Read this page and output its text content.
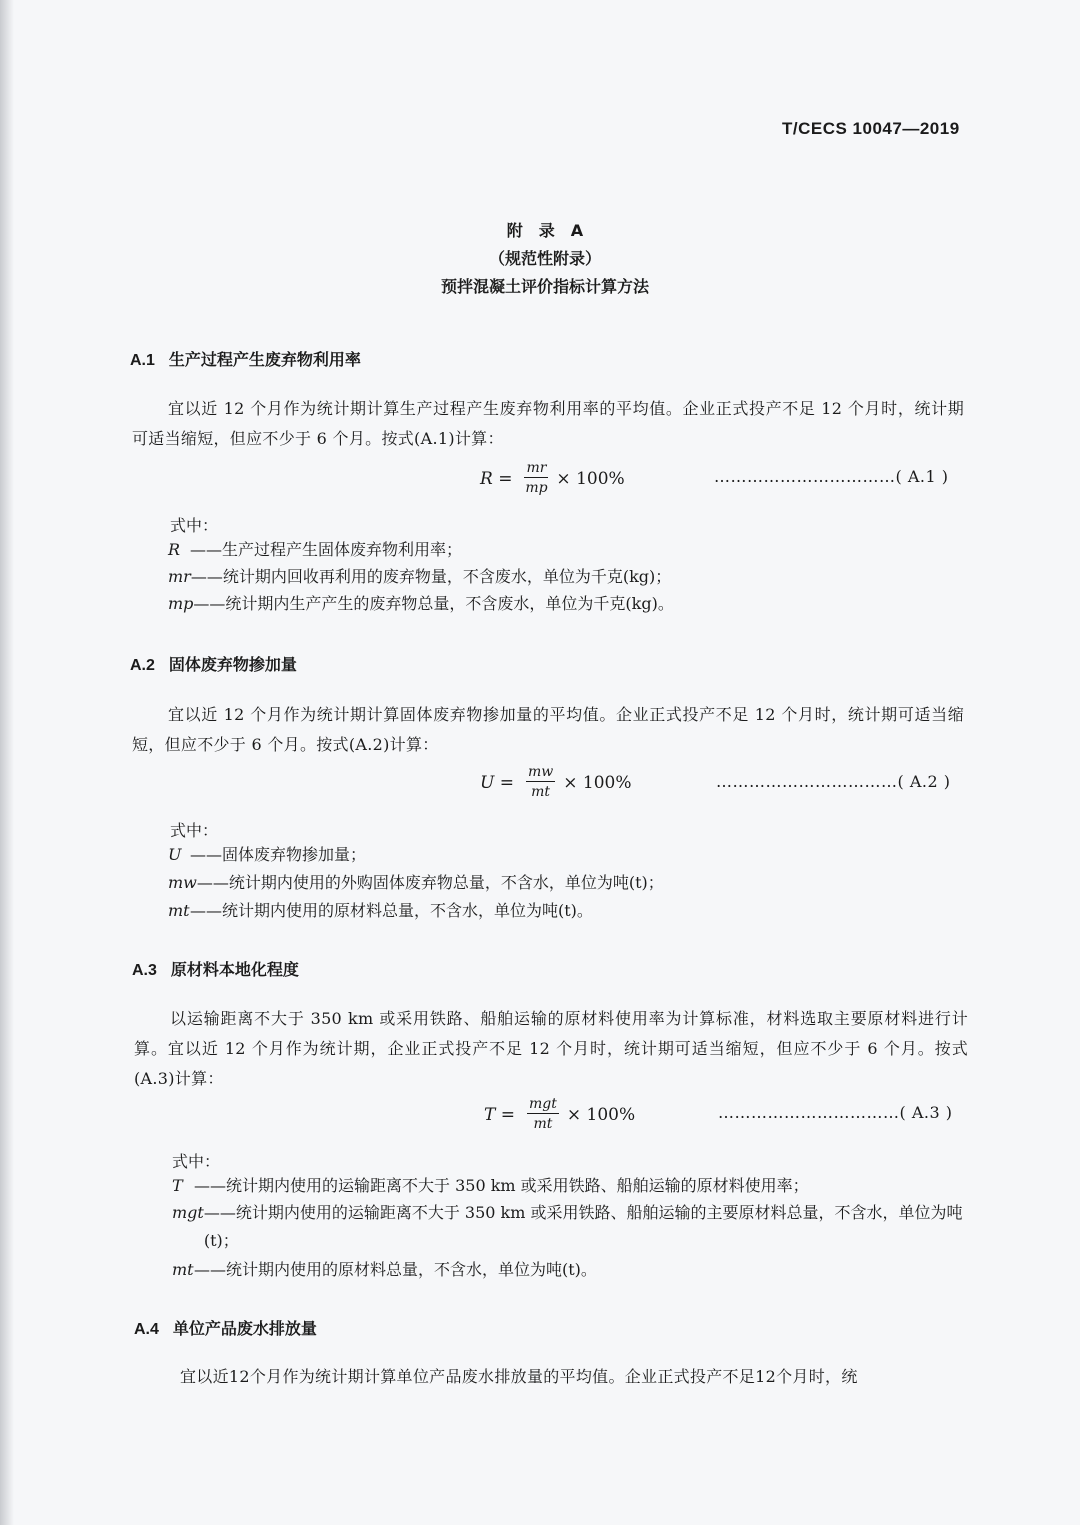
T/CECS 10047—2019
附　录　A
（规范性附录）
预拌混凝土评价指标计算方法
A.1 生产过程产生废弃物利用率
宜以近 12 个月作为统计期计算生产过程产生废弃物利用率的平均值。企业正式投产不足 12 个月时，统计期可适当缩短，但应不少于 6 个月。按式(A.1)计算：
$R = \frac{mr}{mp} \times 100\%$	……………………………( A.1 )
式中：
R ——生产过程产生固体废弃物利用率；
mr——统计期内回收再利用的废弃物量，不含废水，单位为千克(kg)；
mp——统计期内生产产生的废弃物总量，不含废水，单位为千克(kg)。
A.2 固体废弃物掺加量
宜以近 12 个月作为统计期计算固体废弃物掺加量的平均值。企业正式投产不足 12 个月时，统计期可适当缩短，但应不少于 6 个月。按式(A.2)计算：
$U = \frac{mw}{mt} \times 100\%$	……………………………( A.2 )
式中：
U ——固体废弃物掺加量；
mw——统计期内使用的外购固体废弃物总量，不含水，单位为吨(t)；
mt——统计期内使用的原材料总量，不含水，单位为吨(t)。
A.3 原材料本地化程度
以运输距离不大于 350 km 或采用铁路、船舶运输的原材料使用率为计算标准，材料选取主要原材料进行计算。宜以近 12 个月作为统计期，企业正式投产不足 12 个月时，统计期可适当缩短，但应不少于 6 个月。按式(A.3)计算：
$T = \frac{\text{mgt}}{mt} \times 100\%$	……………………………( A.3 )
式中：
T ——统计期内使用的运输距离不大于 350 km 或采用铁路、船舶运输的原材料使用率；
mgt——统计期内使用的运输距离不大于 350 km 或采用铁路、船舶运输的主要原材料总量，不含水，单位为吨(t)；
mt——统计期内使用的原材料总量，不含水，单位为吨(t)。
A.4 单位产品废水排放量
宜以近12个月作为统计期计算单位产品废水排放量的平均值。企业正式投产不足12个月时，统
